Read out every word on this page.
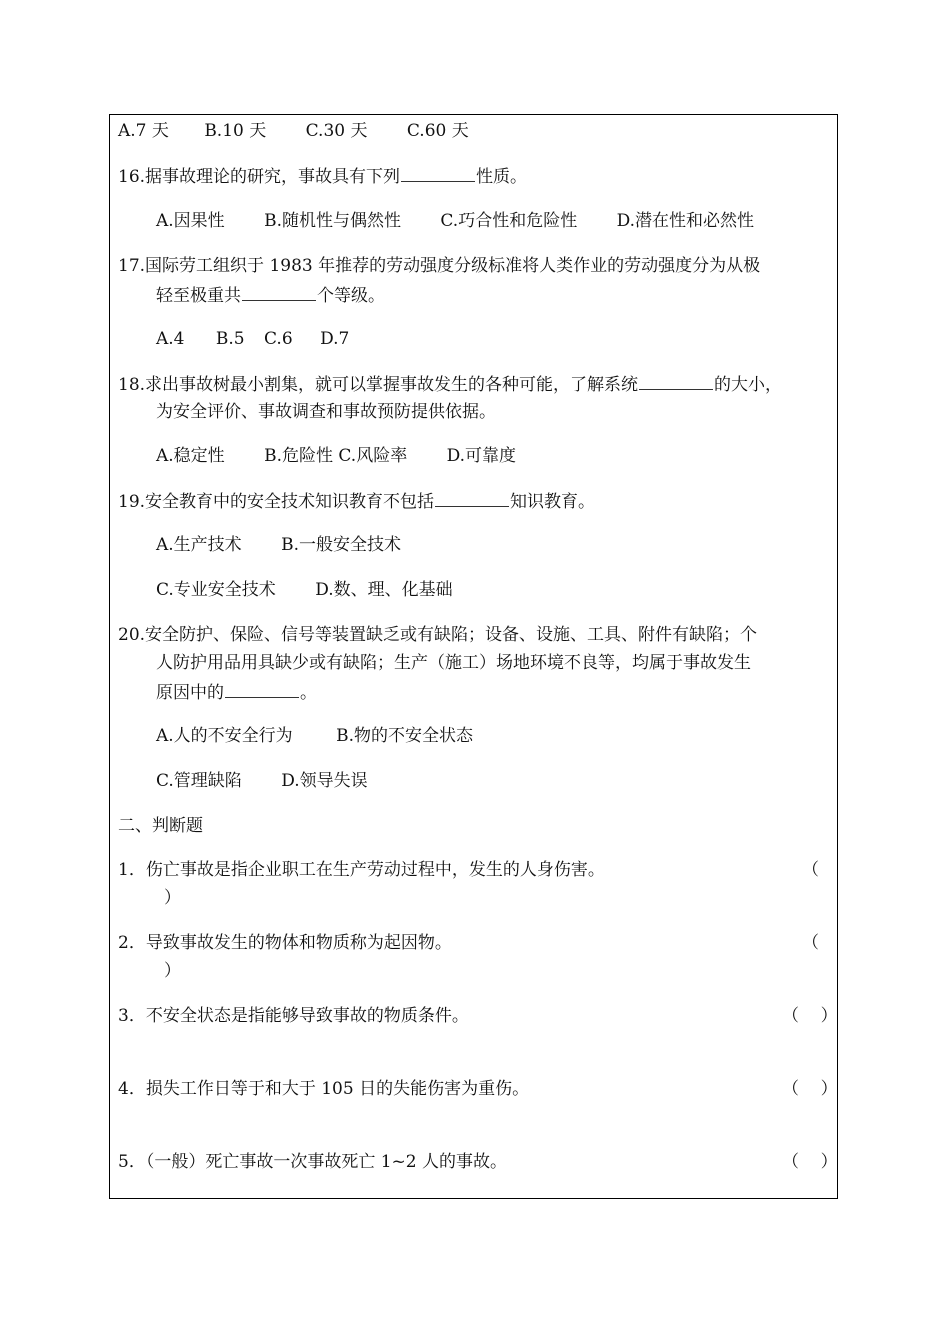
A.7 天 B.10 天 C.30 天 C.60 天
16.据事故理论的研究，事故具有下列	性质。
A.因果性 B.随机性与偶然性 C.巧合性和危险性 D.潜在性和必然性
17.国际劳工组织于 1983 年推荐的劳动强度分级标准将人类作业的劳动强度分为从极
轻至极重共	个等级。
A.4 B.5 C.6 D.7
18.求出事故树最小割集，就可以掌握事故发生的各种可能，了解系统	的大小，
为安全评价、事故调查和事故预防提供依据。
A.稳定性 B.危险性 C.风险率 D.可靠度
19.安全教育中的安全技术知识教育不包括	知识教育。
A.生产技术 B.一般安全技术
C.专业安全技术 D.数、理、化基础
20.安全防护、保险、信号等装置缺乏或有缺陷；设备、设施、工具、附件有缺陷；个
人防护用品用具缺少或有缺陷；生产（施工）场地环境不良等，均属于事故发生
原因中的	。
A.人的不安全行为	B.物的不安全状态
C.管理缺陷 D.领导失误
二、判断题
1．伤亡事故是指企业职工在生产劳动过程中，发生的人身伤害。	（
）
2．导致事故发生的物体和物质称为起因物。	（
）
3．不安全状态是指能够导致事故的物质条件。	（    ）
4．损失工作日等于和大于 105 日的失能伤害为重伤。	（    ）
5．（一般）死亡事故一次事故死亡 1~2 人的事故。	（    ）
